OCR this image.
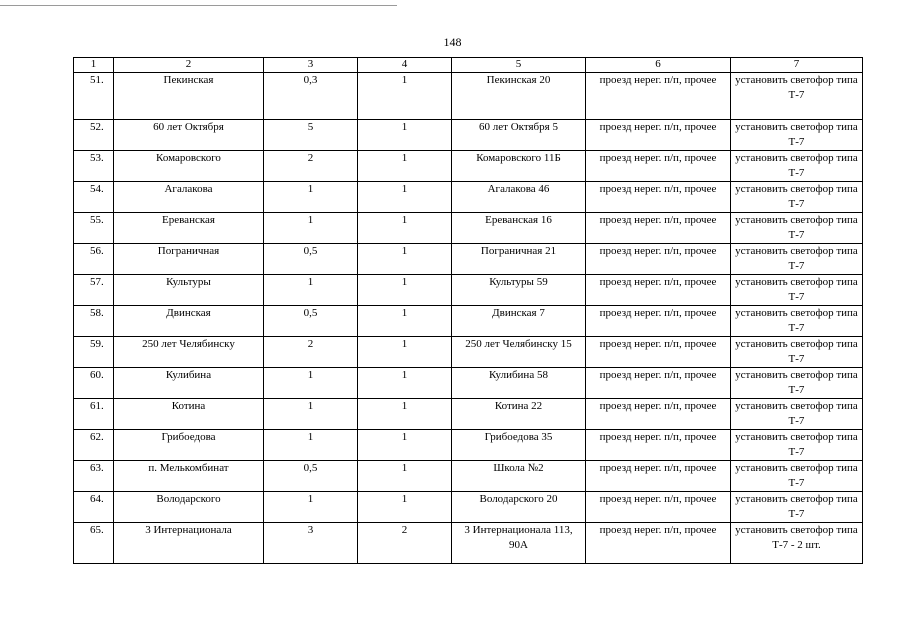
148
1	2	3	4	5	6	7
51.	Пекинская	0,3	1	Пекинская 20	проезд нерег. п/п, прочее	установить светофор типа Т-7
52.	60 лет Октября	5	1	60 лет Октября 5	проезд нерег. п/п, прочее	установить светофор типа Т-7
53.	Комаровского	2	1	Комаровского 11Б	проезд нерег. п/п, прочее	установить светофор типа Т-7
54.	Агалакова	1	1	Агалакова 46	проезд нерег. п/п, прочее	установить светофор типа Т-7
55.	Ереванская	1	1	Ереванская 16	проезд нерег. п/п, прочее	установить светофор типа Т-7
56.	Пограничная	0,5	1	Пограничная 21	проезд нерег. п/п, прочее	установить светофор типа Т-7
57.	Культуры	1	1	Культуры 59	проезд нерег. п/п, прочее	установить светофор типа Т-7
58.	Двинская	0,5	1	Двинская 7	проезд нерег. п/п, прочее	установить светофор типа Т-7
59.	250 лет Челябинску	2	1	250 лет Челябинску 15	проезд нерег. п/п, прочее	установить светофор типа Т-7
60.	Кулибина	1	1	Кулибина 58	проезд нерег. п/п, прочее	установить светофор типа Т-7
61.	Котина	1	1	Котина 22	проезд нерег. п/п, прочее	установить светофор типа Т-7
62.	Грибоедова	1	1	Грибоедова 35	проезд нерег. п/п, прочее	установить светофор типа Т-7
63.	п. Мелькомбинат	0,5	1	Школа №2	проезд нерег. п/п, прочее	установить светофор типа Т-7
64.	Володарского	1	1	Володарского 20	проезд нерег. п/п, прочее	установить светофор типа Т-7
65.	3 Интернационала	3	2	3 Интернационала 113, 90А	проезд нерег. п/п, прочее	установить светофор типа Т-7 - 2 шт.
